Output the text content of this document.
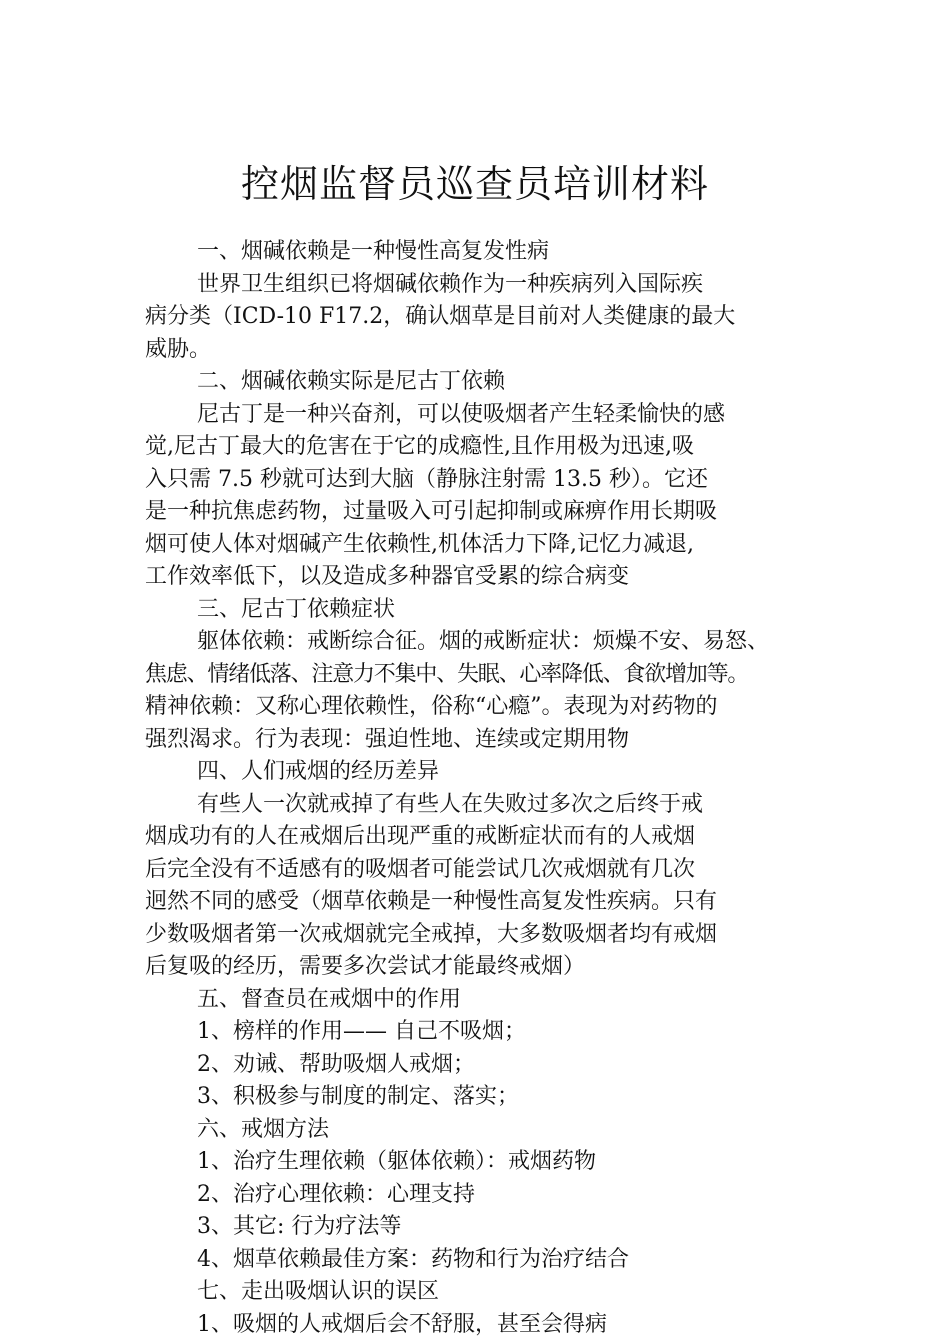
控烟监督员巡查员培训材料

一、烟碱依赖是一种慢性高复发性病

世界卫生组织已将烟碱依赖作为一种疾病列入国际疾

病分类（ICD-10 F17.2，确认烟草是目前对人类健康的最大

威胁。

二、烟碱依赖实际是尼古丁依赖

尼古丁是一种兴奋剂，可以使吸烟者产生轻柔愉快的感

觉,尼古丁最大的危害在于它的成瘾性,且作用极为迅速,吸

入只需 7.5 秒就可达到大脑（静脉注射需 13.5 秒）。它还

是一种抗焦虑药物，过量吸入可引起抑制或麻痹作用长期吸

烟可使人体对烟碱产生依赖性,机体活力下降,记忆力减退,

工作效率低下，以及造成多种器官受累的综合病变

三、尼古丁依赖症状

躯体依赖：戒断综合征。烟的戒断症状：烦燥不安、易怒、

焦虑、情绪低落、注意力不集中、失眠、心率降低、食欲增加等。

精神依赖：又称心理依赖性，俗称“心瘾”。表现为对药物的

强烈渴求。行为表现：强迫性地、连续或定期用物

四、人们戒烟的经历差异

有些人一次就戒掉了有些人在失败过多次之后终于戒

烟成功有的人在戒烟后出现严重的戒断症状而有的人戒烟

后完全没有不适感有的吸烟者可能尝试几次戒烟就有几次

迥然不同的感受（烟草依赖是一种慢性高复发性疾病。只有

少数吸烟者第一次戒烟就完全戒掉，大多数吸烟者均有戒烟

后复吸的经历，需要多次尝试才能最终戒烟）

五、督查员在戒烟中的作用

1、榜样的作用—— 自己不吸烟；

2、劝诫、帮助吸烟人戒烟；

3、积极参与制度的制定、落实；

六、戒烟方法

1、治疗生理依赖（躯体依赖）：戒烟药物

2、治疗心理依赖：心理支持

3、其它: 行为疗法等

4、烟草依赖最佳方案：药物和行为治疗结合

七、走出吸烟认识的误区

1、吸烟的人戒烟后会不舒服，甚至会得病
